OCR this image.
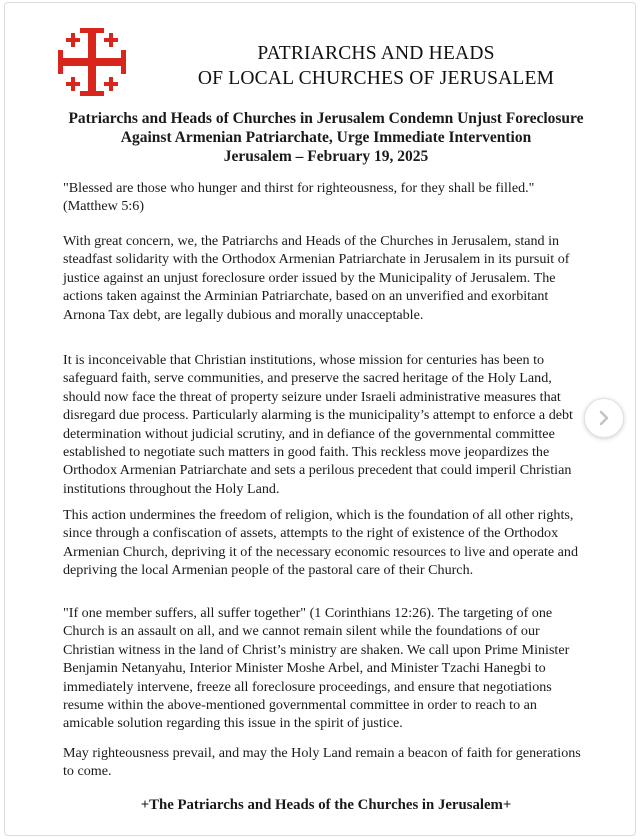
PATRIARCHS AND HEADS
OF LOCAL CHURCHES OF JERUSALEM
Patriarchs and Heads of Churches in Jerusalem Condemn Unjust Foreclosure
Against Armenian Patriarchate, Urge Immediate Intervention
Jerusalem – February 19, 2025

"Blessed are those who hunger and thirst for righteousness, for they shall be filled." (Matthew 5:6)

With great concern, we, the Patriarchs and Heads of the Churches in Jerusalem, stand in steadfast solidarity with the Orthodox Armenian Patriarchate in Jerusalem in its pursuit of justice against an unjust foreclosure order issued by the Municipality of Jerusalem. The actions taken against the Arminian Patriarchate, based on an unverified and exorbitant Arnona Tax debt, are legally dubious and morally unacceptable.

It is inconceivable that Christian institutions, whose mission for centuries has been to safeguard faith, serve communities, and preserve the sacred heritage of the Holy Land, should now face the threat of property seizure under Israeli administrative measures that disregard due process. Particularly alarming is the municipality’s attempt to enforce a debt determination without judicial scrutiny, and in defiance of the governmental committee established to negotiate such matters in good faith. This reckless move jeopardizes the Orthodox Armenian Patriarchate and sets a perilous precedent that could imperil Christian institutions throughout the Holy Land.

This action undermines the freedom of religion, which is the foundation of all other rights, since through a confiscation of assets, attempts to the right of existence of the Orthodox Armenian Church, depriving it of the necessary economic resources to live and operate and depriving the local Armenian people of the pastoral care of their Church.

"If one member suffers, all suffer together" (1 Corinthians 12:26). The targeting of one Church is an assault on all, and we cannot remain silent while the foundations of our Christian witness in the land of Christ’s ministry are shaken. We call upon Prime Minister Benjamin Netanyahu, Interior Minister Moshe Arbel, and Minister Tzachi Hanegbi to immediately intervene, freeze all foreclosure proceedings, and ensure that negotiations resume within the above-mentioned governmental committee in order to reach to an amicable solution regarding this issue in the spirit of justice.

May righteousness prevail, and may the Holy Land remain a beacon of faith for generations to come.

+The Patriarchs and Heads of the Churches in Jerusalem+
